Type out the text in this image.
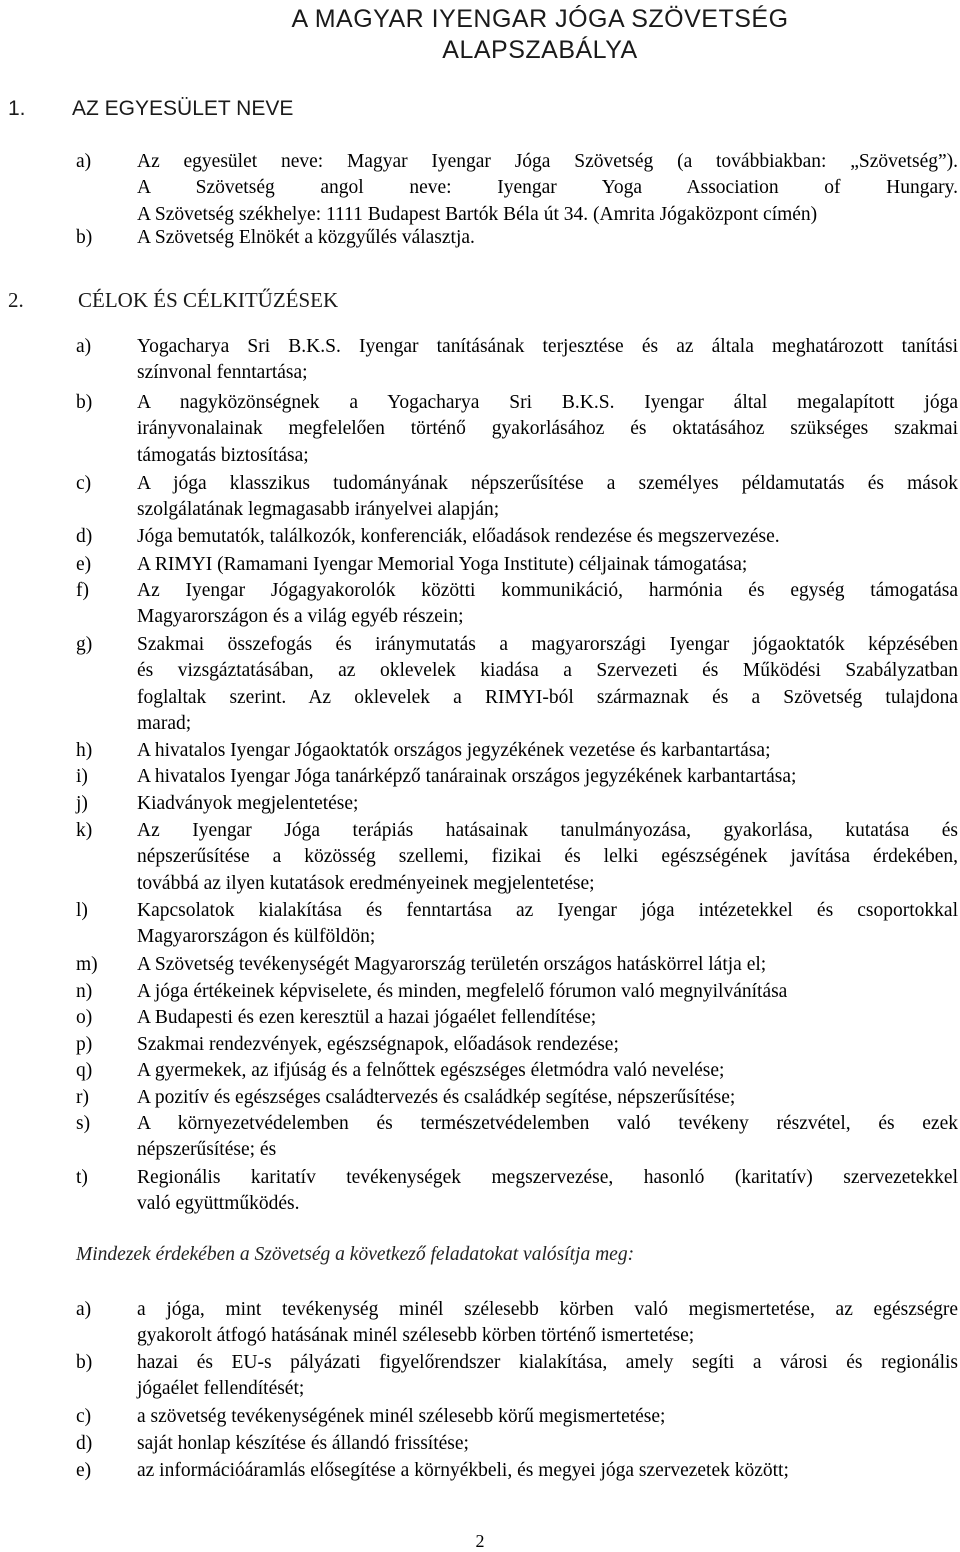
A MAGYAR IYENGAR JÓGA SZÖVETSÉG
ALAPSZABÁLYA
1. AZ EGYESÜLET NEVE
2.	CÉLOK ÉS CÉLKITŰZÉSEK
a)	Az egyesület neve: Magyar Iyengar Jóga Szövetség (a továbbiakban: „Szövetség”).
A Szövetség angol neve: Iyengar Yoga Association of Hungary.
A Szövetség székhelye: 1111 Budapest Bartók Béla út 34. (Amrita Jógaközpont címén)
b)	A Szövetség Elnökét a közgyűlés választja.
a)	Yogacharya Sri B.K.S. Iyengar tanításának terjesztése és az általa meghatározott tanítási
színvonal fenntartása;
b)	A nagyközönségnek a Yogacharya Sri B.K.S. Iyengar által megalapított jóga
irányvonalainak megfelelően történő gyakorlásához és oktatásához szükséges szakmai
támogatás biztosítása;
c)	A jóga klasszikus tudományának népszerűsítése a személyes példamutatás és mások
szolgálatának legmagasabb irányelvei alapján;
d)	Jóga bemutatók, találkozók, konferenciák, előadások rendezése és megszervezése.
e)	A RIMYI (Ramamani Iyengar Memorial Yoga Institute) céljainak támogatása;
f)	Az Iyengar Jógagyakorolók közötti kommunikáció, harmónia és egység támogatása
Magyarországon és a világ egyéb részein;
g)	Szakmai összefogás és iránymutatás a magyarországi Iyengar jógaoktatók képzésében
és vizsgáztatásában, az oklevelek kiadása a Szervezeti és Működési Szabályzatban
foglaltak szerint. Az oklevelek a RIMYI-ból származnak és a Szövetség tulajdona
marad;
h)	A hivatalos Iyengar Jógaoktatók országos jegyzékének vezetése és karbantartása;
i)	A hivatalos Iyengar Jóga tanárképző tanárainak országos jegyzékének karbantartása;
j)	Kiadványok megjelentetése;
k)	Az Iyengar Jóga terápiás hatásainak tanulmányozása, gyakorlása, kutatása és
népszerűsítése a közösség szellemi, fizikai és lelki egészségének javítása érdekében,
továbbá az ilyen kutatások eredményeinek megjelentetése;
l)	Kapcsolatok kialakítása és fenntartása az Iyengar jóga intézetekkel és csoportokkal
Magyarországon és külföldön;
m)	A Szövetség tevékenységét Magyarország területén országos hatáskörrel látja el;
n)	A jóga értékeinek képviselete, és minden, megfelelő fórumon való megnyilvánítása
o)	A Budapesti és ezen keresztül a hazai jógaélet fellendítése;
p)	Szakmai rendezvények, egészségnapok, előadások rendezése;
q)	A gyermekek, az ifjúság és a felnőttek egészséges életmódra való nevelése;
r)	A pozitív és egészséges családtervezés és családkép segítése, népszerűsítése;
s)	A környezetvédelemben és természetvédelemben való tevékeny részvétel, és ezek
népszerűsítése; és
t)	Regionális karitatív tevékenységek megszervezése, hasonló (karitatív) szervezetekkel
való együttműködés.
Mindezek érdekében a Szövetség a következő feladatokat valósítja meg:
a)	a jóga, mint tevékenység minél szélesebb körben való megismertetése, az egészségre
gyakorolt átfogó hatásának minél szélesebb körben történő ismertetése;
b)	hazai és EU-s pályázati figyelőrendszer kialakítása, amely segíti a városi és regionális
jógaélet fellendítését;
c)	a szövetség tevékenységének minél szélesebb körű megismertetése;
d)	saját honlap készítése és állandó frissítése;
e)	az információáramlás elősegítése a környékbeli, és megyei jóga szervezetek között;
2
